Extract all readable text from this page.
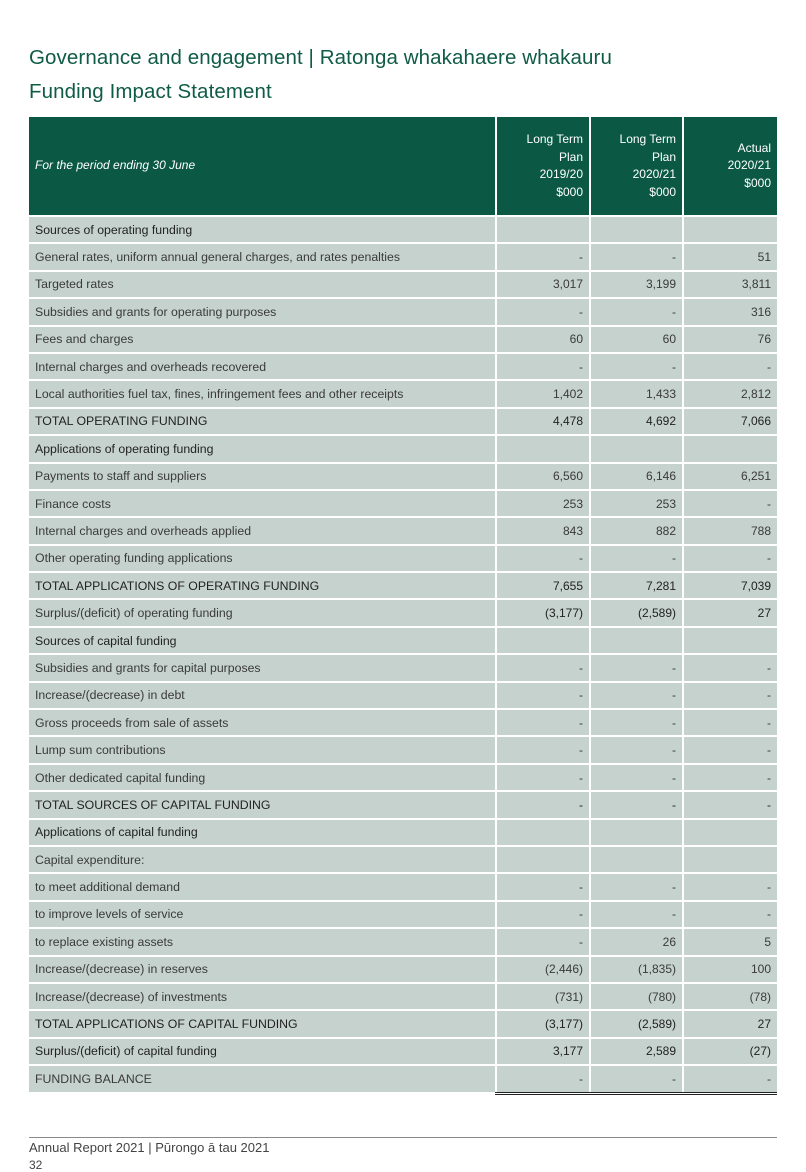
Governance and engagement | Ratonga whakahaere whakauru
Funding Impact Statement
For the period ending 30 June	Long Term
Plan
2019/20
$000	Long Term
Plan
2020/21
$000	Actual
2020/21
$000

Sources of operating funding			
General rates, uniform annual general charges, and rates penalties	-	-	51
Targeted rates	3,017	3,199	3,811
Subsidies and grants for operating purposes	-	-	316
Fees and charges	60	60	76
Internal charges and overheads recovered	-	-	-
Local authorities fuel tax, fines, infringement fees and other receipts	1,402	1,433	2,812
TOTAL OPERATING FUNDING	4,478	4,692	7,066
Applications of operating funding			
Payments to staff and suppliers	6,560	6,146	6,251
Finance costs	253	253	-
Internal charges and overheads applied	843	882	788
Other operating funding applications	-	-	-
TOTAL APPLICATIONS OF OPERATING FUNDING	7,655	7,281	7,039
Surplus/(deficit) of operating funding	(3,177)	(2,589)	27
Sources of capital funding			
Subsidies and grants for capital purposes	-	-	-
Increase/(decrease) in debt	-	-	-
Gross proceeds from sale of assets	-	-	-
Lump sum contributions	-	-	-
Other dedicated capital funding	-	-	-
TOTAL SOURCES OF CAPITAL FUNDING	-	-	-
Applications of capital funding			
Capital expenditure:			
to meet additional demand	-	-	-
to improve levels of service	-	-	-
to replace existing assets	-	26	5
Increase/(decrease) in reserves	(2,446)	(1,835)	100
Increase/(decrease) of investments	(731)	(780)	(78)
TOTAL APPLICATIONS OF CAPITAL FUNDING	(3,177)	(2,589)	27
Surplus/(deficit) of capital funding	3,177	2,589	(27)
FUNDING BALANCE	-	-	-
Annual Report 2021 | Pūrongo ā tau 2021
32
